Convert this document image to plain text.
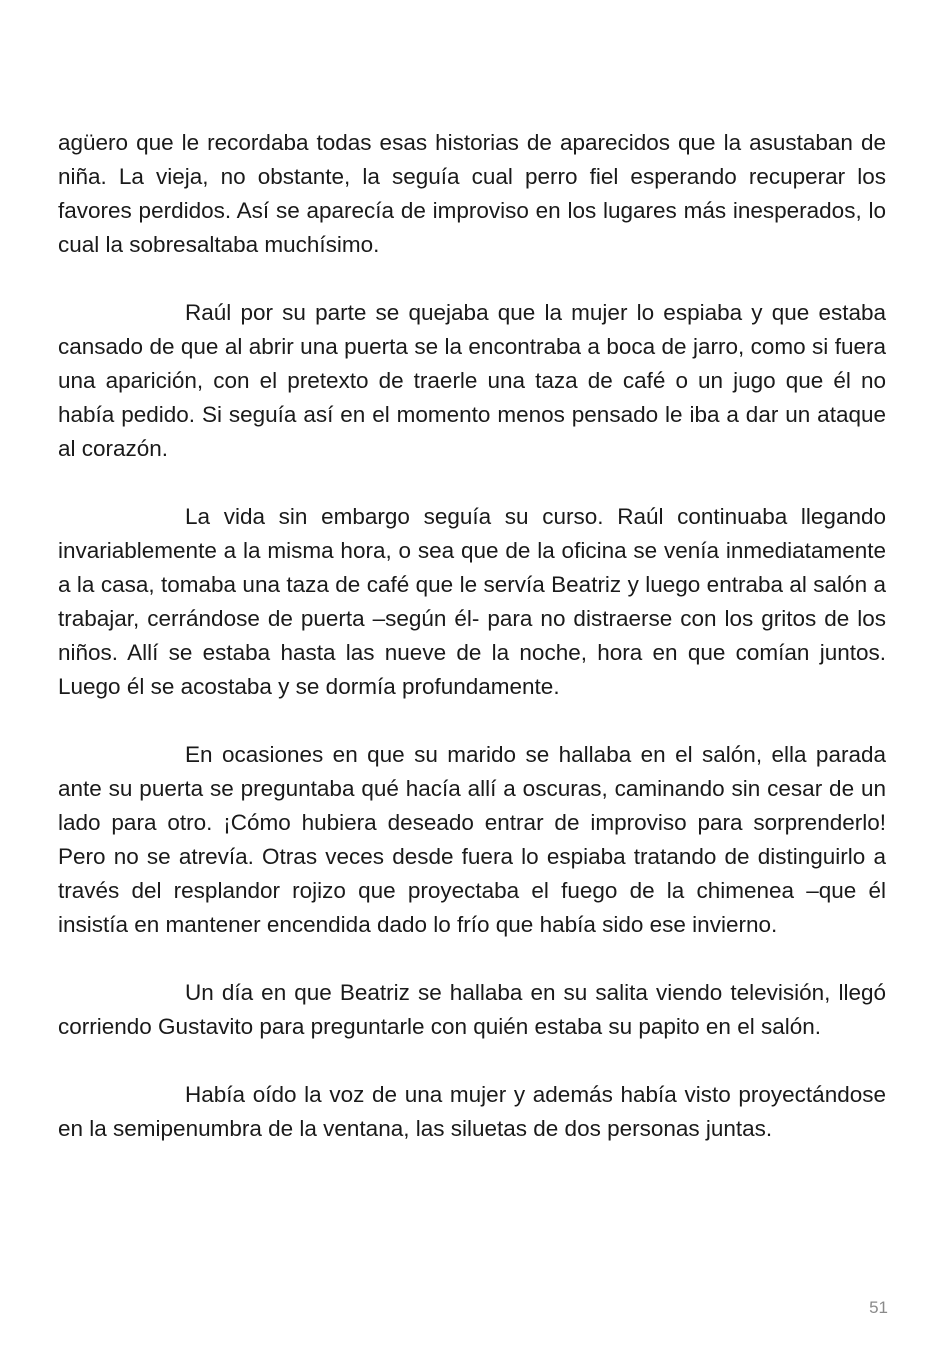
agüero que le recordaba todas esas historias de aparecidos que la asustaban de niña. La vieja, no obstante, la seguía cual perro fiel esperando recuperar los favores perdidos. Así se aparecía de improviso en los lugares más inesperados, lo cual la sobresaltaba muchísimo.

Raúl por su parte se quejaba que la mujer lo espiaba y que estaba cansado de que al abrir una puerta se la encontraba a boca de jarro, como si fuera una aparición, con el pretexto de traerle una taza de café o un jugo que él no había pedido. Si seguía así en el momento menos pensado le iba a dar un ataque al corazón.

La vida sin embargo seguía su curso. Raúl continuaba llegando invariablemente a la misma hora, o sea que de la oficina se venía inmediatamente a la casa, tomaba una taza de café que le servía Beatriz y luego entraba al salón a trabajar, cerrándose de puerta –según él- para no distraerse con los gritos de los niños. Allí se estaba hasta las nueve de la noche, hora en que comían juntos. Luego él se acostaba y se dormía profundamente.

En ocasiones en que su marido se hallaba en el salón, ella parada ante su puerta se preguntaba qué hacía allí a oscuras, caminando sin cesar de un lado para otro. ¡Cómo hubiera deseado entrar de improviso para sorprenderlo! Pero no se atrevía. Otras veces desde fuera lo espiaba tratando de distinguirlo a través del resplandor rojizo que proyectaba el fuego de la chimenea –que él insistía en mantener encendida dado lo frío que había sido ese invierno.

Un día en que Beatriz se hallaba en su salita viendo televisión, llegó corriendo Gustavito para preguntarle con quién estaba su papito en el salón.

Había oído la voz de una mujer y además había visto proyectándose en la semipenumbra de la ventana, las siluetas de dos personas juntas.

51
